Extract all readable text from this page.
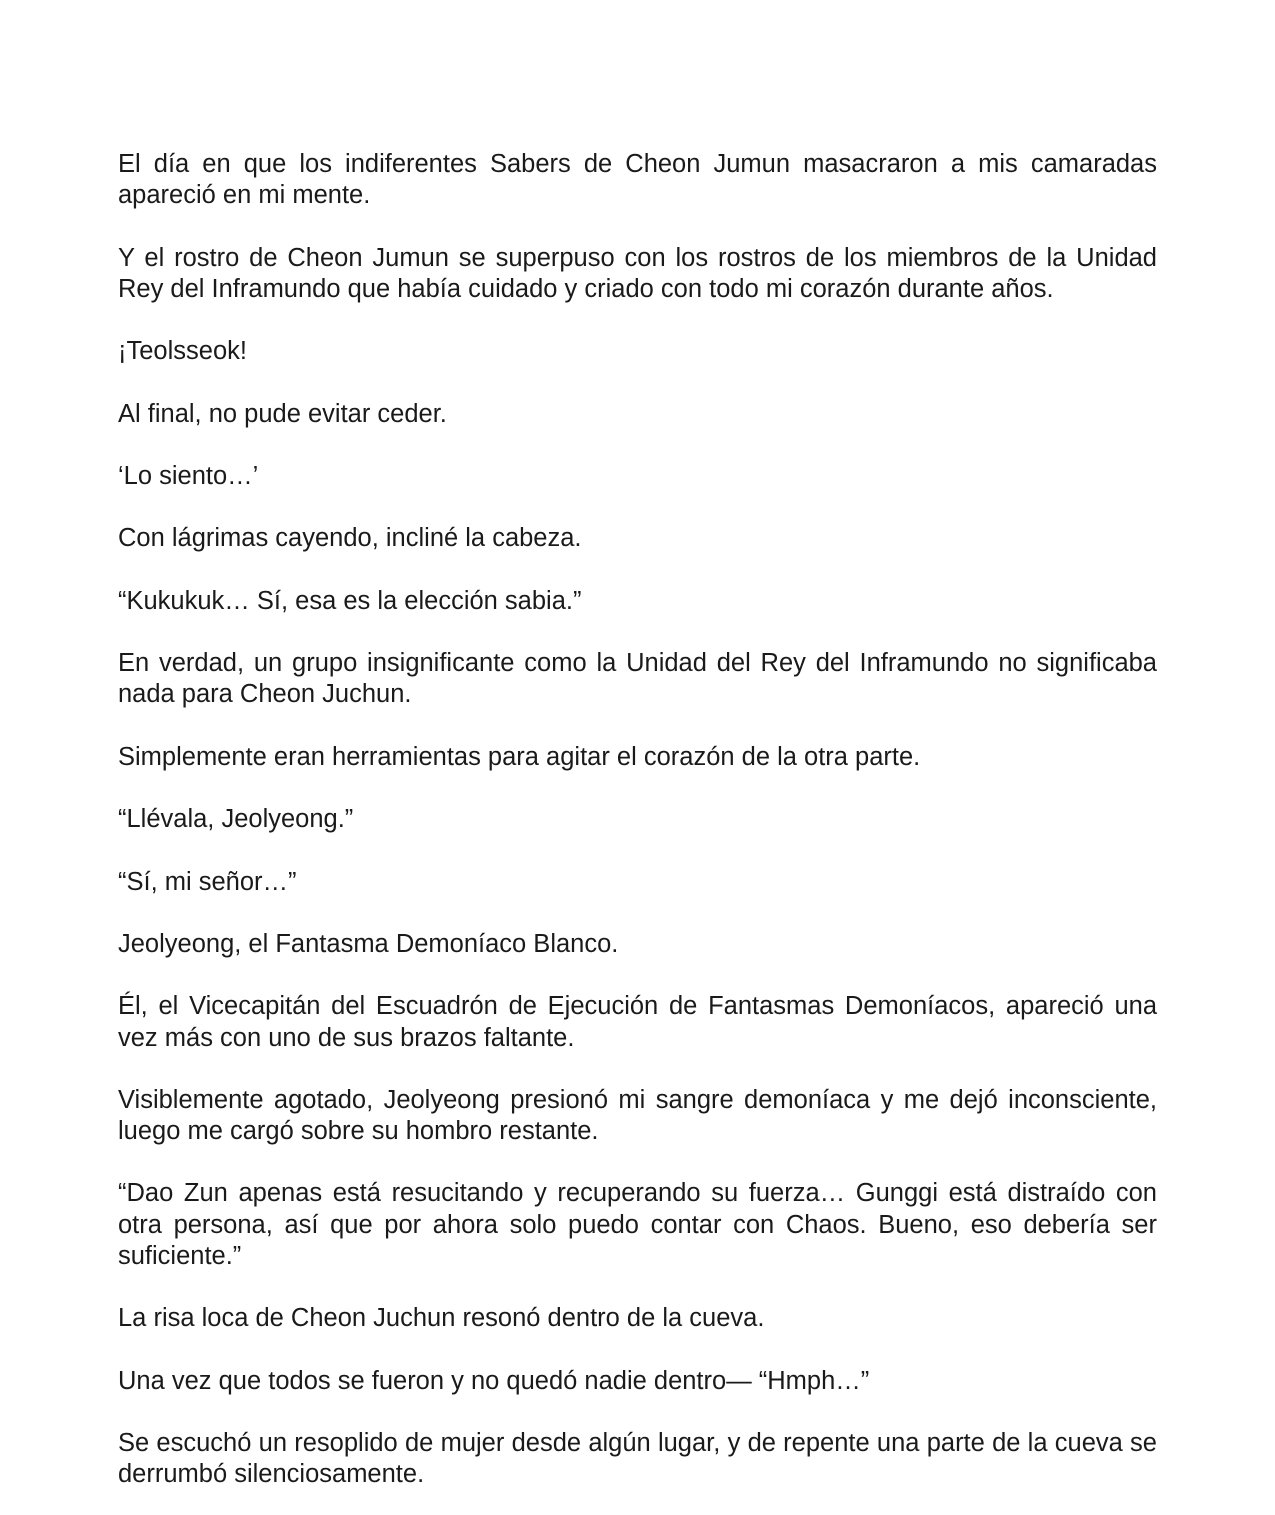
El día en que los indiferentes Sabers de Cheon Jumun masacraron a mis camaradas apareció en mi mente.

Y el rostro de Cheon Jumun se superpuso con los rostros de los miembros de la Unidad Rey del Inframundo que había cuidado y criado con todo mi corazón durante años.

¡Teolsseok!

Al final, no pude evitar ceder.

‘Lo siento…’

Con lágrimas cayendo, incliné la cabeza.

“Kukukuk… Sí, esa es la elección sabia.”

En verdad, un grupo insignificante como la Unidad del Rey del Inframundo no significaba nada para Cheon Juchun.

Simplemente eran herramientas para agitar el corazón de la otra parte.

“Llévala, Jeolyeong.”

“Sí, mi señor…”

Jeolyeong, el Fantasma Demoníaco Blanco.

Él, el Vicecapitán del Escuadrón de Ejecución de Fantasmas Demoníacos, apareció una vez más con uno de sus brazos faltante.

Visiblemente agotado, Jeolyeong presionó mi sangre demoníaca y me dejó inconsciente, luego me cargó sobre su hombro restante.

“Dao Zun apenas está resucitando y recuperando su fuerza… Gunggi está distraído con otra persona, así que por ahora solo puedo contar con Chaos. Bueno, eso debería ser suficiente.”

La risa loca de Cheon Juchun resonó dentro de la cueva.

Una vez que todos se fueron y no quedó nadie dentro— “Hmph…”

Se escuchó un resoplido de mujer desde algún lugar, y de repente una parte de la cueva se derrumbó silenciosamente.
